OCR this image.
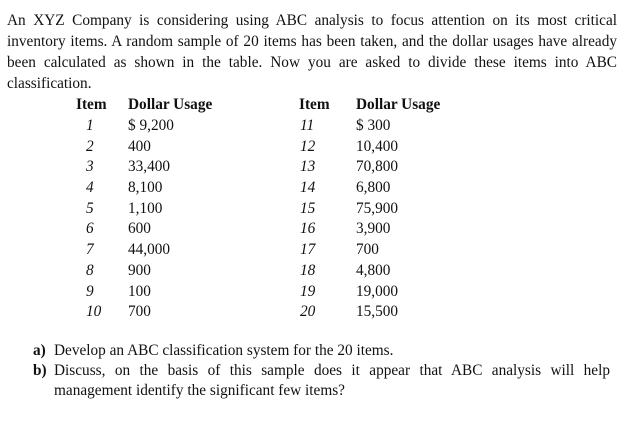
An XYZ Company is considering using ABC analysis to focus attention on its most critical inventory items. A random sample of 20 items has been taken, and the dollar usages have already been calculated as shown in the table. Now you are asked to divide these items into ABC classification.
Item Dollar Usage	Item Dollar Usage
1	$ 9,200	11	$ 300
2	400	12	10,400
3	33,400	13	70,800
4	8,100	14	6,800
5	1,100	15	75,900
6	600	16	3,900
7	44,000	17	700
8	900	18	4,800
9	100	19	19,000
10	700	20	15,500
a) Develop an ABC classification system for the 20 items.
b) Discuss, on the basis of this sample does it appear that ABC analysis will help management identify the significant few items?
